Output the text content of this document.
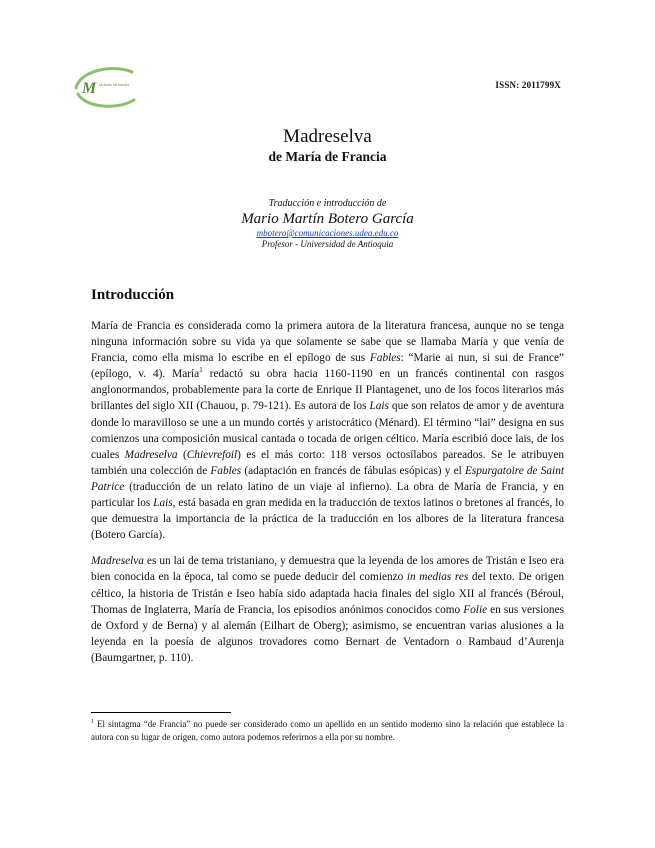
M Mutatis Mutandis	ISSN: 2011799X
Madreselva
de María de Francia
Traducción e introducción de
Mario Martín Botero García
mbotero@comunicaciones.udea.edu.co
Profesor - Universidad de Antioquia
Introducción

María de Francia es considerada como la primera autora de la literatura francesa, aunque no se tenga ninguna información sobre su vida ya que solamente se sabe que se llamaba María y que venía de Francia, como ella misma lo escribe en el epílogo de sus Fables: “Marie ai nun, si sui de France” (epílogo, v. 4). María$^1$ redactó su obra hacia 1160-1190 en un francés continental con rasgos anglonormandos, probablemente para la corte de Enrique II Plantagenet, uno de los focos literarios más brillantes del siglo XII (Chauou, p. 79-121). Es autora de los Lais que son relatos de amor y de aventura donde lo maravilloso se une a un mundo cortés y aristocrático (Ménard). El término “lai” designa en sus comienzos una composición musical cantada o tocada de origen céltico. María escribió doce lais, de los cuales Madreselva (Chievrefoil) es el más corto: 118 versos octosílabos pareados. Se le atribuyen también una colección de Fables (adaptación en francés de fábulas esópicas) y el Espurgatoire de Saint Patrice (traducción de un relato latino de un viaje al infierno). La obra de María de Francia, y en particular los Lais, está basada en gran medida en la traducción de textos latinos o bretones al francés, lo que demuestra la importancia de la práctica de la traducción en los albores de la literatura francesa (Botero García).

Madreselva es un lai de tema tristaniano, y demuestra que la leyenda de los amores de Tristán e Iseo era bien conocida en la época, tal como se puede deducir del comienzo in medias res del texto. De origen céltico, la historia de Tristán e Iseo había sido adaptada hacia finales del siglo XII al francés (Béroul, Thomas de Inglaterra, María de Francia, los episodios anónimos conocidos como Folie en sus versiones de Oxford y de Berna) y al alemán (Eilhart de Oberg); asimismo, se encuentran varias alusiones a la leyenda en la poesía de algunos trovadores como Bernart de Ventadorn o Rambaud d’Aurenja (Baumgartner, p. 110).

$^1$ El sintagma “de Francia” no puede ser considerado como un apellido en un sentido moderno sino la relación que establece la autora con su lugar de origen, como autora podemos referirnos a ella por su nombre.
